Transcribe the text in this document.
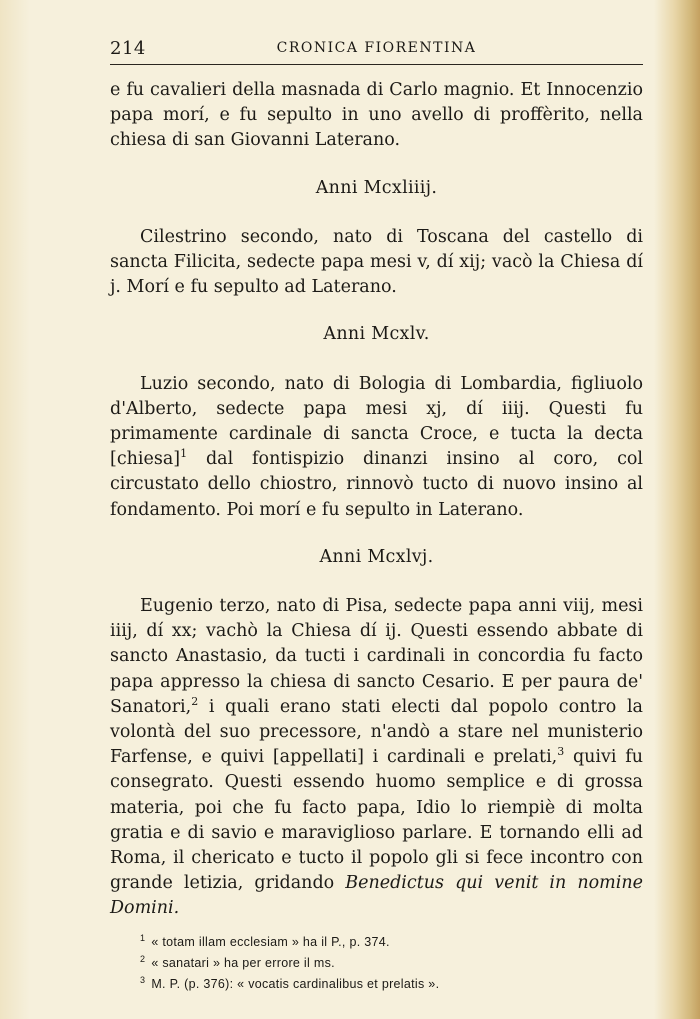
214	CRONICA FIORENTINA

e fu cavalieri della masnada di Carlo magnio. Et Innocenzio papa morí, e fu sepulto in uno avello di proffèrito, nella chiesa di san Giovanni Laterano.

Anni Mcxliiij.

Cilestrino secondo, nato di Toscana del castello di sancta Filicita, sedecte papa mesi v, dí xij; vacò la Chiesa dí j. Morí e fu sepulto ad Laterano.

Anni Mcxlv.

Luzio secondo, nato di Bologia di Lombardia, figliuolo d'Alberto, sedecte papa mesi xj, dí iiij. Questi fu primamente cardinale di sancta Croce, e tucta la decta [chiesa]$^1$ dal fontispizio dinanzi insino al coro, col circustato dello chiostro, rinnovò tucto di nuovo insino al fondamento. Poi morí e fu sepulto in Laterano.

Anni Mcxlvj.

Eugenio terzo, nato di Pisa, sedecte papa anni viij, mesi iiij, dí xx; vachò la Chiesa dí ij. Questi essendo abbate di sancto Anastasio, da tucti i cardinali in concordia fu facto papa appresso la chiesa di sancto Cesario. E per paura de' Sanatori,$^2$ i quali erano stati electi dal popolo contro la volontà del suo precessore, n'andò a stare nel munisterio Farfense, e quivi [appellati] i cardinali e prelati,$^3$ quivi fu consegrato. Questi essendo huomo semplice e di grossa materia, poi che fu facto papa, Idio lo riempiè di molta gratia e di savio e maraviglioso parlare. E tornando elli ad Roma, il chericato e tucto il popolo gli si fece incontro con grande letizia, gridando Benedictus qui venit in nomine Domini.

$^1$ « totam illam ecclesiam » ha il P., p. 374.
$^2$ « sanatari » ha per errore il ms.
$^3$ M. P. (p. 376): « vocatis cardinalibus et prelatis ».
